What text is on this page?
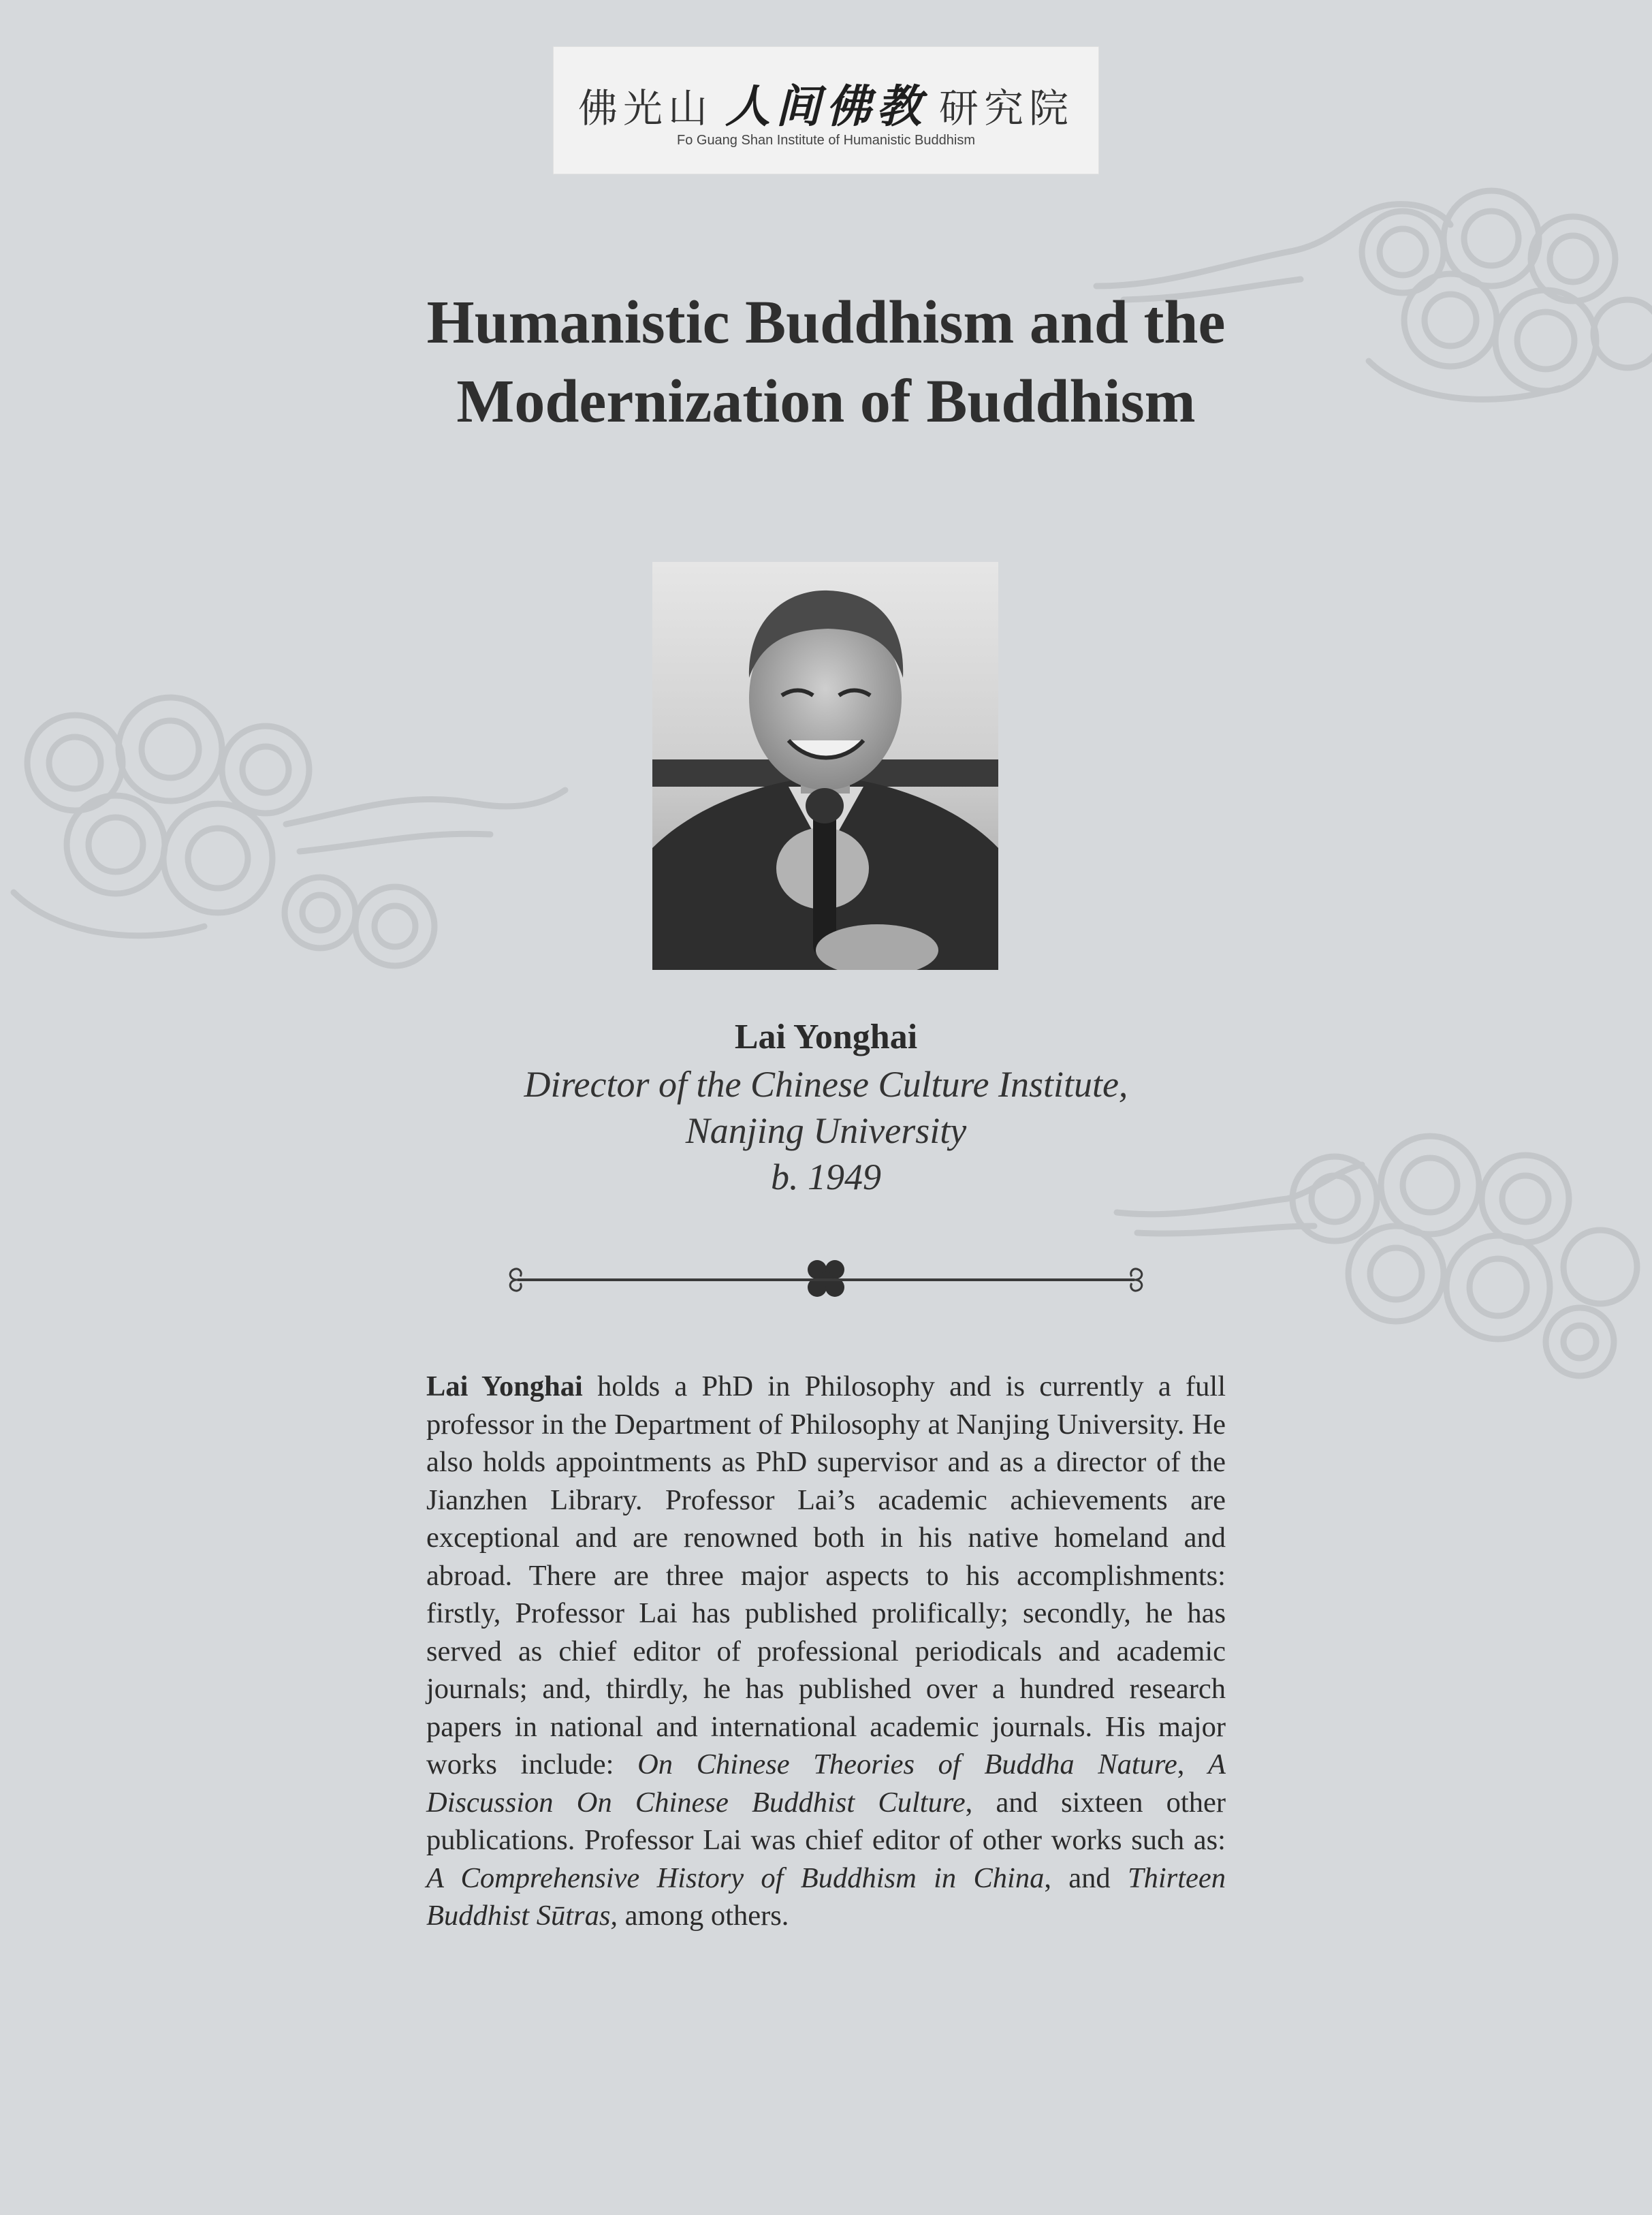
佛光山 人间佛教 研究院
Fo Guang Shan Institute of Humanistic Buddhism
Humanistic Buddhism and the
Modernization of Buddhism
Lai Yonghai
Director of the Chinese Culture Institute,
Nanjing University
b. 1949

Lai Yonghai holds a PhD in Philosophy and is currently a full professor in the Department of Philosophy at Nanjing University. He also holds appointments as PhD supervisor and as a director of the Jianzhen Library. Professor Lai’s academic achievements are exceptional and are renowned both in his native homeland and abroad. There are three major aspects to his accomplishments: firstly, Professor Lai has published prolifically; secondly, he has served as chief editor of professional periodicals and academic journals; and, thirdly, he has published over a hundred research papers in national and international academic journals. His major works include: On Chinese Theories of Buddha Nature, A Discussion On Chinese Buddhist Culture, and sixteen other publications. Professor Lai was chief editor of other works such as: A Comprehensive History of Buddhism in China, and Thirteen Buddhist Sūtras, among others.
